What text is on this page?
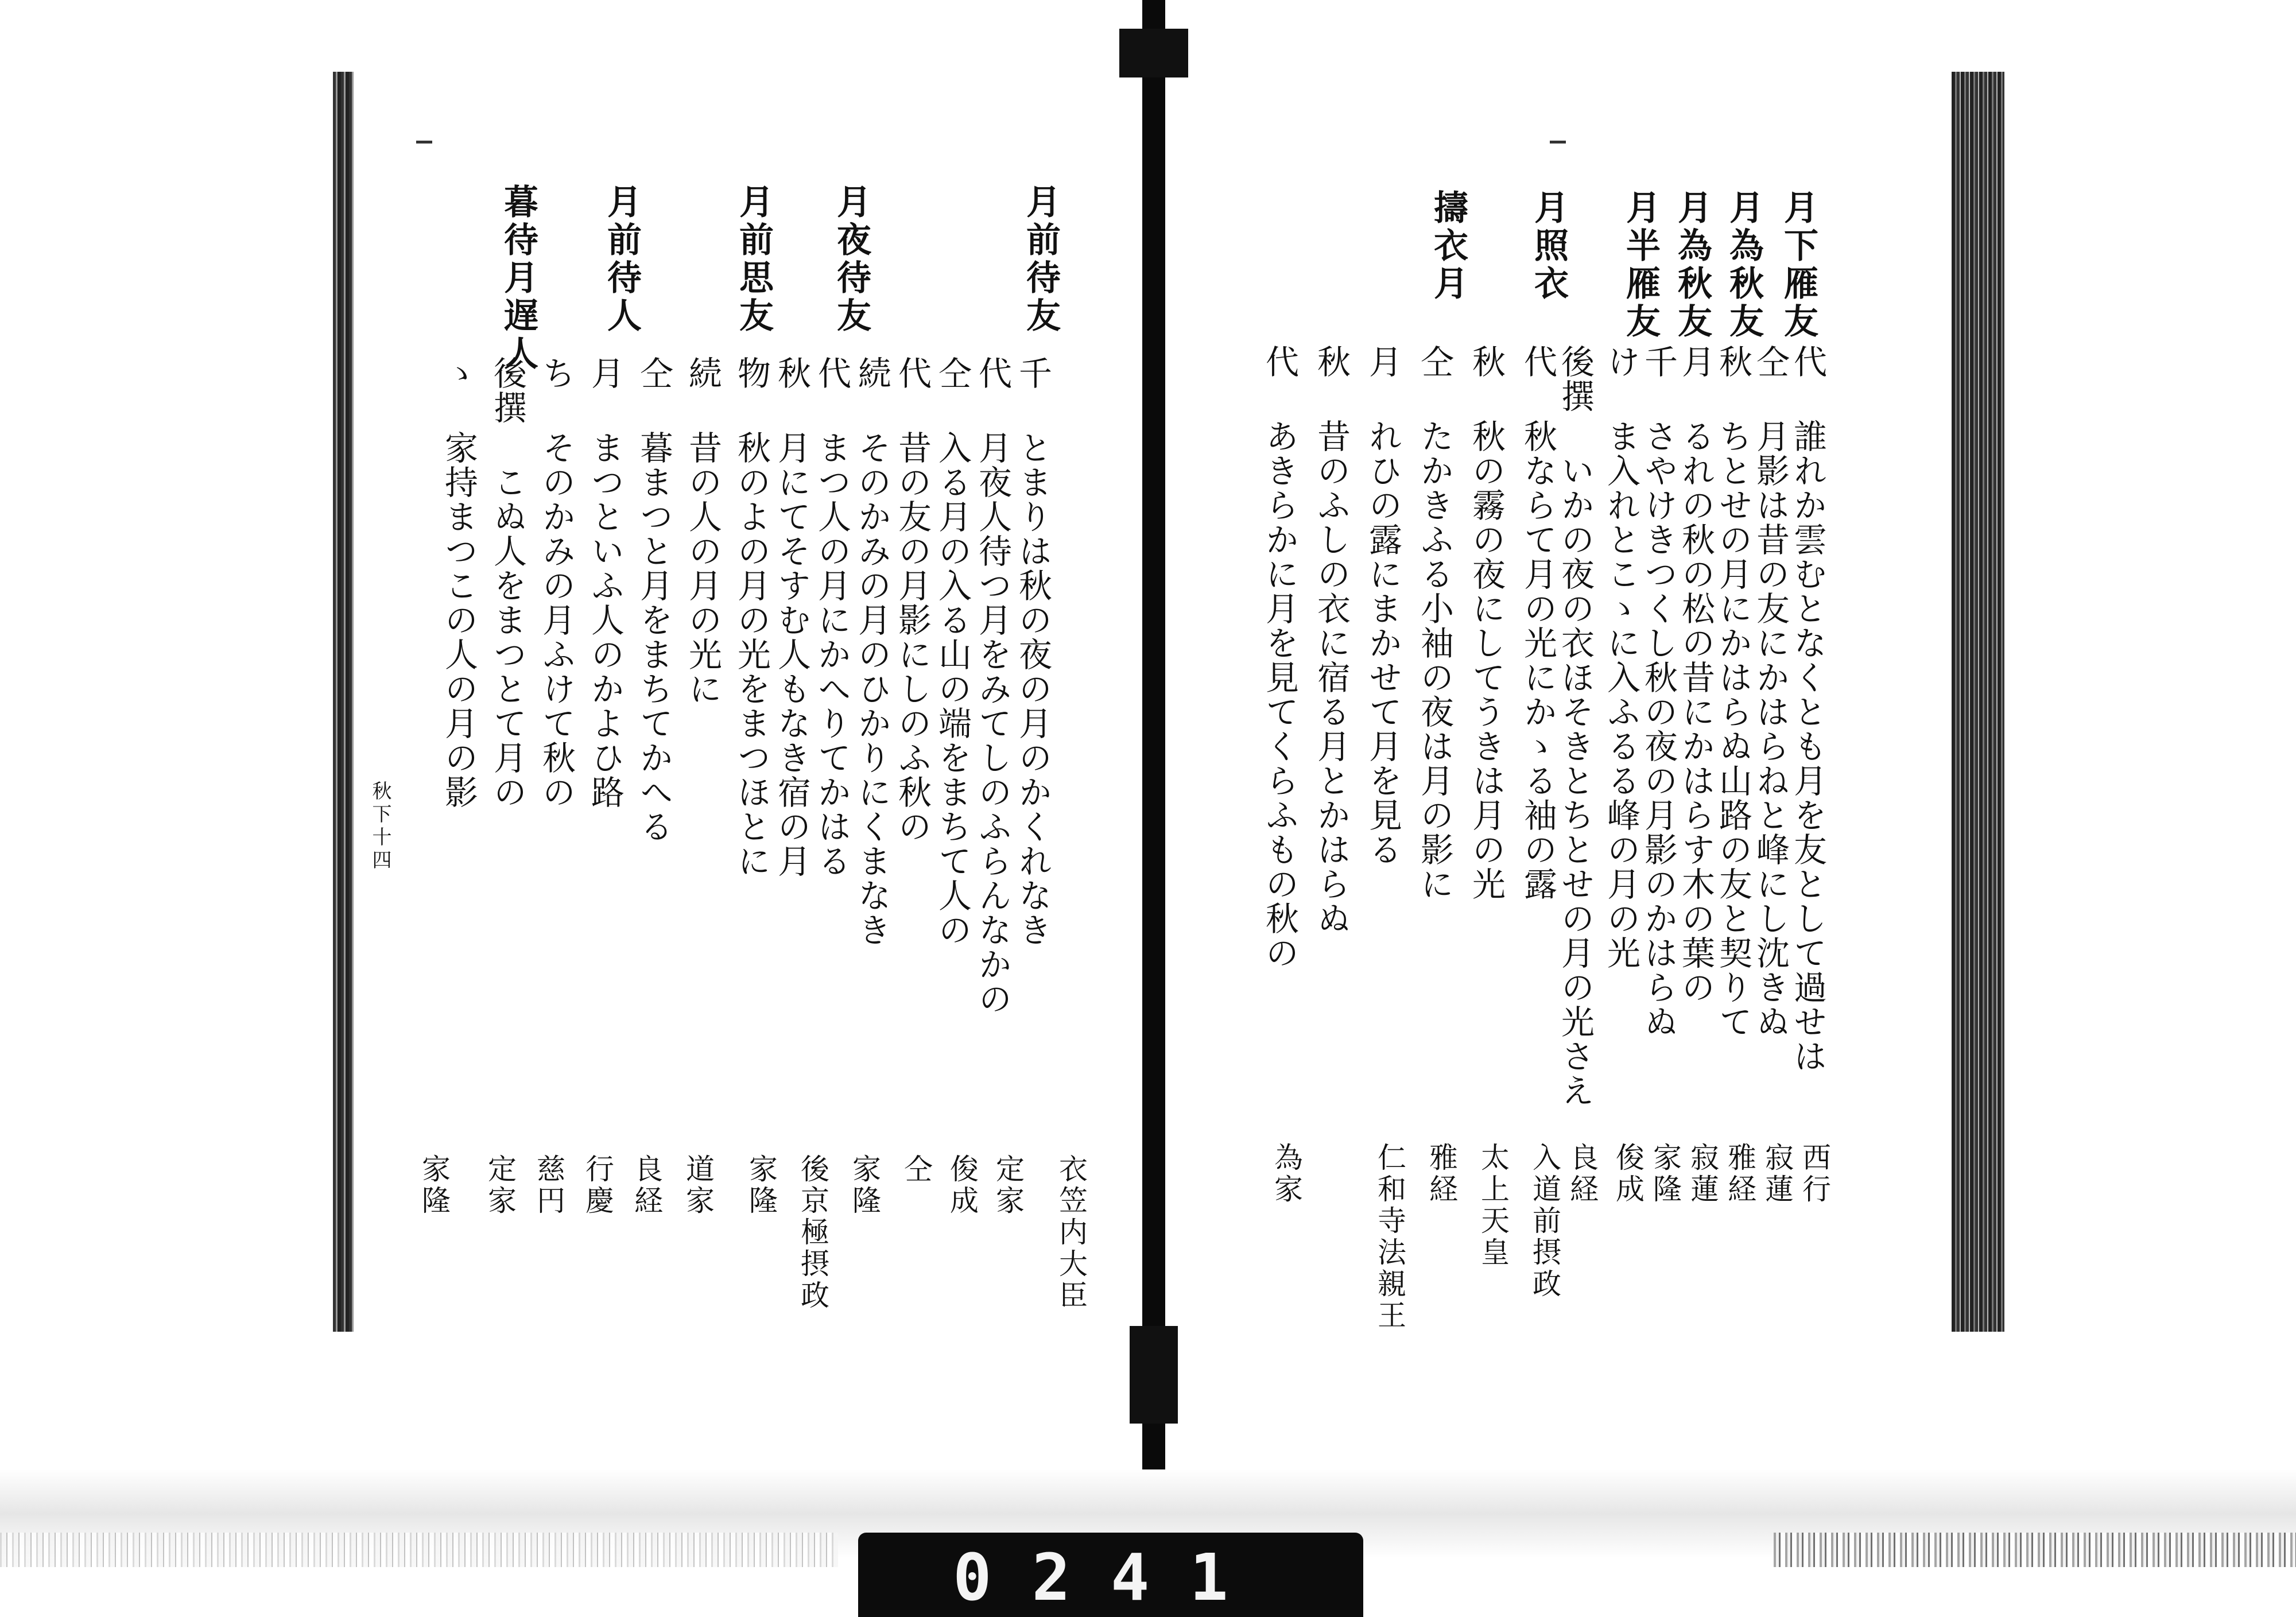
月下雁友
月為秋友
月為秋友
月半雁友
月照衣
擣衣月
代 誰れか雲むとなくとも月を友として過せは
仝 月影は昔の友にかはらねと峰にし沈きぬ
秋 ちとせの月にかはらぬ山路の友と契りて
月 るれの秋の松の昔にかはらす木の葉の
千 さやけきつくし秋の夜の月影のかはらぬ
け ま入れとこゝに入ふるる峰の月の光
後撰 いかの夜の衣ほそきとちとせの月の光さえ
代 秋ならて月の光にかゝる袖の露
秋 秋の霧の夜にしてうきは月の光
仝 たかきふる小袖の夜は月の影に
月 れひの露にまかせて月を見る
秋 昔のふしの衣に宿る月とかはらぬ
代 あきらかに月を見てくらふもの秋の
西行
寂蓮
雅経
寂蓮
家隆
俊成
良経
入道前摂政
太上天皇
雅経
仁和寺法親王
為家
月前待友
月夜待友
月前思友
月前待人
暮待月遅人
千 とまりは秋の夜の月のかくれなき
代 月夜人待つ月をみてしのふらんなかの
仝 入る月の入る山の端をまちて人の
代 昔の友の月影にしのふ秋の
続 そのかみの月のひかりにくまなき
代 まつ人の月にかへりてかはる
秋 月にてそすむ人もなき宿の月
物 秋のよの月の光をまつほとに
続 昔の人の月の光に
仝 暮まつと月をまちてかへる
月 まつといふ人のかよひ路
ち そのかみの月ふけて秋の
後撰 こぬ人をまつとて月の
ゝ 家持まつこの人の月の影
衣笠内大臣
定家
俊成
仝
家隆
後京極摂政
家隆
道家
良経
行慶
慈円
定家
家隆
秋下十四
0241
